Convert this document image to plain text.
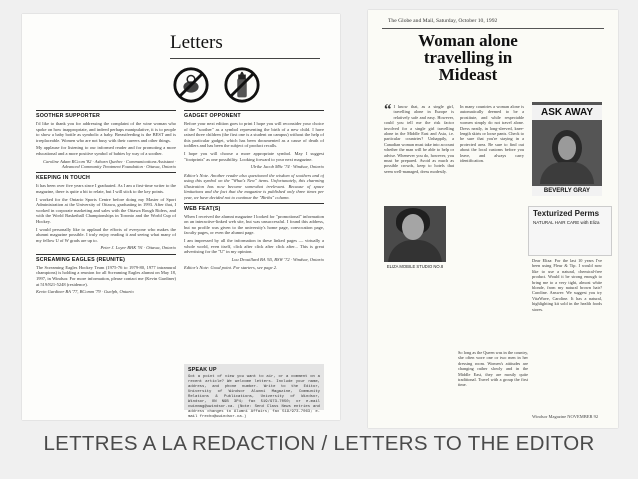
Letters
SOOTHER SUPPORTER

I'd like to thank you for addressing the complaint of the wine woman who spoke on how inappropriate, and indeed perhaps manipulative, it is to people to show a baby bottle as symbolic a baby. Breastfeeding is the BEST and is irreplaceable. Women who are not busy with their careers and other things.

My applause for listening to our informed reader and for promoting a more educational and a more positive symbol of babies by way of a soother.

Caroline Adam RCcom '82 · Ashurn Quebec · Communications Assistant · Advanced Community Treatment Foundation · Ottawa, Ontario

KEEPING IN TOUCH

It has been over five years since I graduated. As I am a first-time writer to the magazine, there is quite a bit to relate, but I will stick to the key points.

I worked for the Ontario Sports Centre before doing my Master of Sport Administration at the University of Ottawa, graduating in 1993. After that, I worked in corporate marketing and sales with the Ottawa Rough Riders, and with the World Basketball Championships in Toronto and the World Cup of Hockey.

I would personally like to applaud the efforts of everyone who makes the alumni magazine possible. I truly enjoy reading it and seeing what many of my fellow U of W grads are up to.

Peter J. Loyer BHK '91 · Ottawa, Ontario

SCREAMING EAGLES (REUNITE)

The Screaming Eagles Hockey Team (1975-76 to 1979-80, 1977 intramural champions) is holding a reunion for all Screaming Eagles alumni on May 18, 1997, in Windsor. For more information, please contact me (Kevin Gardiner) at 519/821-5248 (residence).

Kevin Gardiner BA '77, BComm '79 · Guelph, Ontario

GADGET OPPONENT

Before your next edition goes to print I hope you will reconsider your choice of the "soother" as a symbol representing the birth of a new child. I have raised three children (the first one is a student on campus) without the help of this particular gadget, which has been documented as a cause of death of toddlers and has been the subject of product recalls.

I hope you will choose a more appropriate symbol. May I suggest "footprints" as one possibility. Looking forward to your next magazine.

Ulrike Jacob MSc '74 · Windsor, Ontario

Editor's Note. Another reader also questioned the wisdom of soothers and of using this symbol on the "What's New" items. Unfortunately, this charming illustration has now become somewhat irrelevant. Because of space limitations and the fact that the magazine is published only three times per year, we have decided not to continue the "Births" column.

WEB FEAT(S)

When I received the alumni magazine I looked for "promotional" information on an interactive-linked web site, but was unsuccessful. I found this address, but no profile was given to the university's home page, convocation page, faculty pages, or even the alumni page.

I am impressed by all the information in these linked pages — virtually a whole world, even itself, click after click after click after... This is great advertising for the "U" in my opinion.

Lou Drouillard BA '65, BSW '72 · Windsor, Ontario

Editor's Note: Good point. For starters, see page 2.

SPEAK UP

Got a point of view you want to air, or a comment on a recent article? We welcome letters. Include your name, address, and phone number. Write to the Editor, University of Windsor Alumni Magazine, Community Relations & Publications, University of Windsor, Windsor, ON N9B 3P4; fax 519/973-7050; or e-mail cwinmag@uwindsor.ca. (Note: Send Class News entries and address changes to Alumni Affairs; fax 519/973-7063; e-mail frecho@uwindsor.ca.)

The Globe and Mail, Saturday, October 10, 1992
Woman alone travelling in Mideast
“ I know that, as a single girl, travelling alone in Europe is relatively safe and easy. However, could you tell me the risk factor involved for a single girl travelling alone in the Middle East and Asia, i.e. particular countries? Unhappily, a Canadian woman must take into account whether the man will be able to help or advise. Whenever you do, however, you must be prepared. Avoid as much as possible crowds, keep to hotels that seem well-managed, dress modestly.
In many countries a woman alone is automatically deemed to be a prostitute, and while respectable women simply do not travel alone. Dress neatly, in long-sleeved, knee-length skirts or loose pants. Check to be sure that you're staying in a protected area. Be sure to find out about the local customs before you leave, and always carry identification.
ASK AWAY
BEVERLY GRAY
Texturized Perms
NATURAL HAIR CARE with Eliza
ELIZA MOBILE STUDIO NO.8
Dear Eliza: For the last 10 years I've been using Fleur & Tip. I would now like to use a natural, chemical-free product. Would it be strong enough to bring me to a very tight, almost white blonde, from my natural brown hair? Caroline. Answer: We suggest you try VitaWave, Caroline. It has a natural, highlighting kit sold in the health foods stores.
So long as the Queen was in the country, she often wore one or two men in her dressing room. Women's attitudes are changing rather slowly and in the Middle East, they are mostly quite traditional. Travel with a group the first time.
Windsor Magazine NOVEMBER 92
LETTRES A LA REDACTION / LETTERS TO THE EDITOR
